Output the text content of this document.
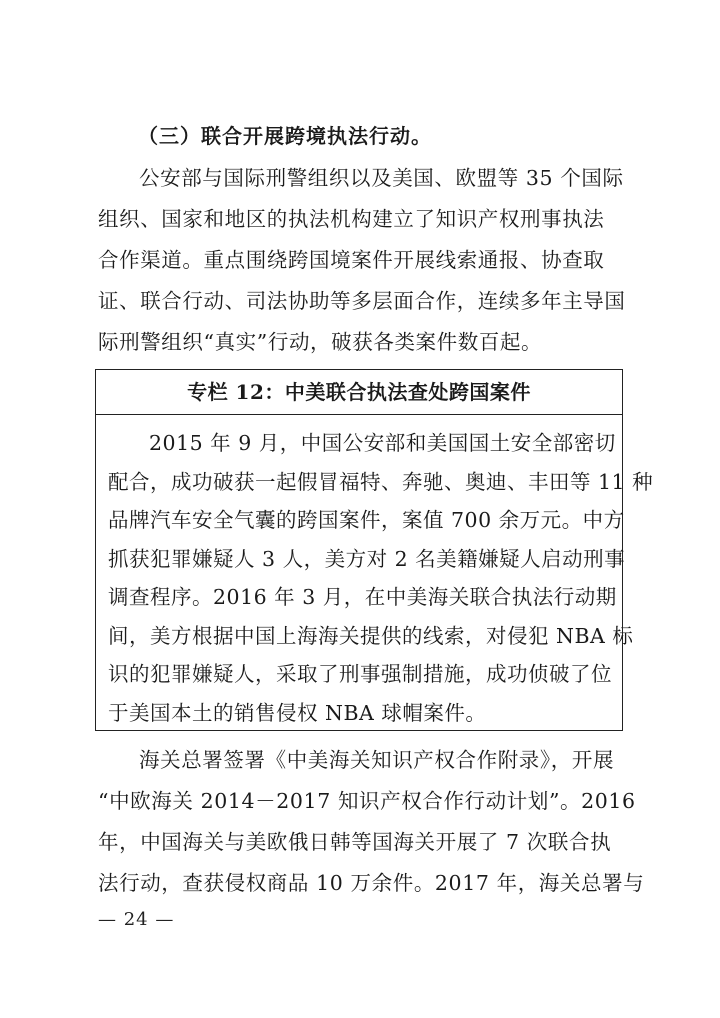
（三）联合开展跨境执法行动。

公安部与国际刑警组织以及美国、欧盟等 35 个国际
组织、国家和地区的执法机构建立了知识产权刑事执法
合作渠道。重点围绕跨国境案件开展线索通报、协查取
证、联合行动、司法协助等多层面合作，连续多年主导国
际刑警组织“真实”行动，破获各类案件数百起。

专栏 12：中美联合执法查处跨国案件
2015 年 9 月，中国公安部和美国国土安全部密切
配合，成功破获一起假冒福特、奔驰、奥迪、丰田等 11 种
品牌汽车安全气囊的跨国案件，案值 700 余万元。中方
抓获犯罪嫌疑人 3 人，美方对 2 名美籍嫌疑人启动刑事
调查程序。2016 年 3 月，在中美海关联合执法行动期
间，美方根据中国上海海关提供的线索，对侵犯 NBA 标
识的犯罪嫌疑人，采取了刑事强制措施，成功侦破了位
于美国本土的销售侵权 NBA 球帽案件。

海关总署签署《中美海关知识产权合作附录》，开展
“中欧海关 2014－2017 知识产权合作行动计划”。2016
年，中国海关与美欧俄日韩等国海关开展了 7 次联合执
法行动，查获侵权商品 10 万余件。2017 年，海关总署与

— 24 —
